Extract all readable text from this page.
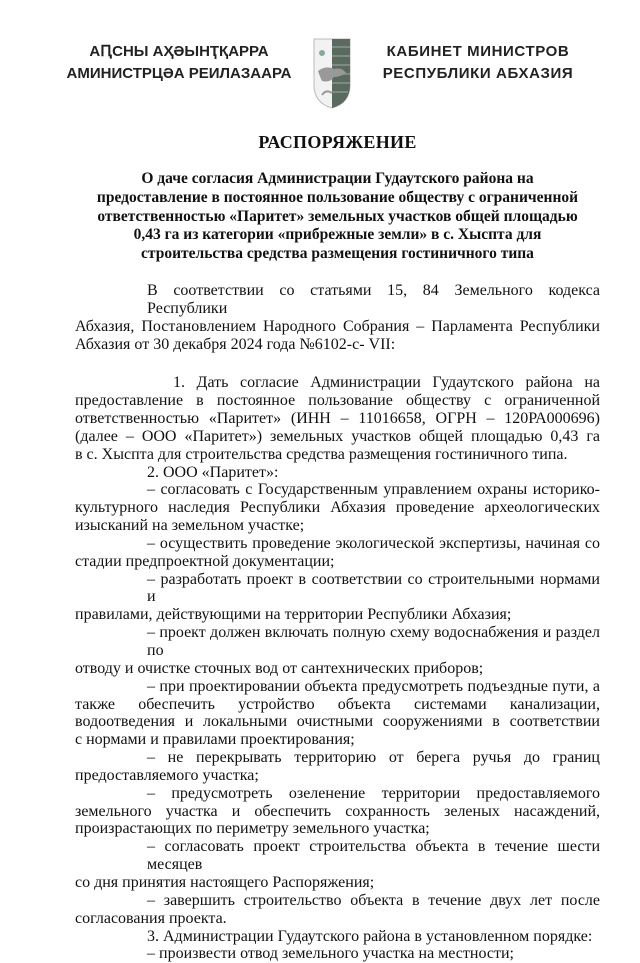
АԤСНЫ АҲӘЫНҬҚАРРА
АМИНИСТРЦӘА РЕИЛАЗААРА
КАБИНЕТ МИНИСТРОВ
РЕСПУБЛИКИ АБХАЗИЯ
РАСПОРЯЖЕНИЕ
О даче согласия Администрации Гудаутского района на
предоставление в постоянное пользование обществу с ограниченной
ответственностью «Паритет» земельных участков общей площадью
0,43 га из категории «прибрежные земли» в с. Хыспта для
строительства средства размещения гостиничного типа
В соответствии со статьями 15, 84 Земельного кодекса Республики
Абхазия, Постановлением Народного Собрания – Парламента Республики
Абхазия от 30 декабря 2024 года №6102-с- VII:
1. Дать согласие Администрации Гудаутского района на
предоставление в постоянное пользование обществу с ограниченной
ответственностью «Паритет» (ИНН – 11016658, ОГРН – 120РА000696)
(далее – ООО «Паритет») земельных участков общей площадью 0,43 га
в с. Хыспта для строительства средства размещения гостиничного типа.
2. ООО «Паритет»:
– согласовать с Государственным управлением охраны историко-
культурного наследия Республики Абхазия проведение археологических
изысканий на земельном участке;
– осуществить проведение экологической экспертизы, начиная со
стадии предпроектной документации;
– разработать проект в соответствии со строительными нормами и
правилами, действующими на территории Республики Абхазия;
– проект должен включать полную схему водоснабжения и раздел по
отводу и очистке сточных вод от сантехнических приборов;
– при проектировании объекта предусмотреть подъездные пути, а
также обеспечить устройство объекта системами канализации,
водоотведения и локальными очистными сооружениями в соответствии
с нормами и правилами проектирования;
– не перекрывать территорию от берега ручья до границ
предоставляемого участка;
– предусмотреть озеленение территории предоставляемого
земельного участка и обеспечить сохранность зеленых насаждений,
произрастающих по периметру земельного участка;
– согласовать проект строительства объекта в течение шести месяцев
со дня принятия настоящего Распоряжения;
– завершить строительство объекта в течение двух лет после
согласования проекта.
3. Администрации Гудаутского района в установленном порядке:
– произвести отвод земельного участка на местности;
